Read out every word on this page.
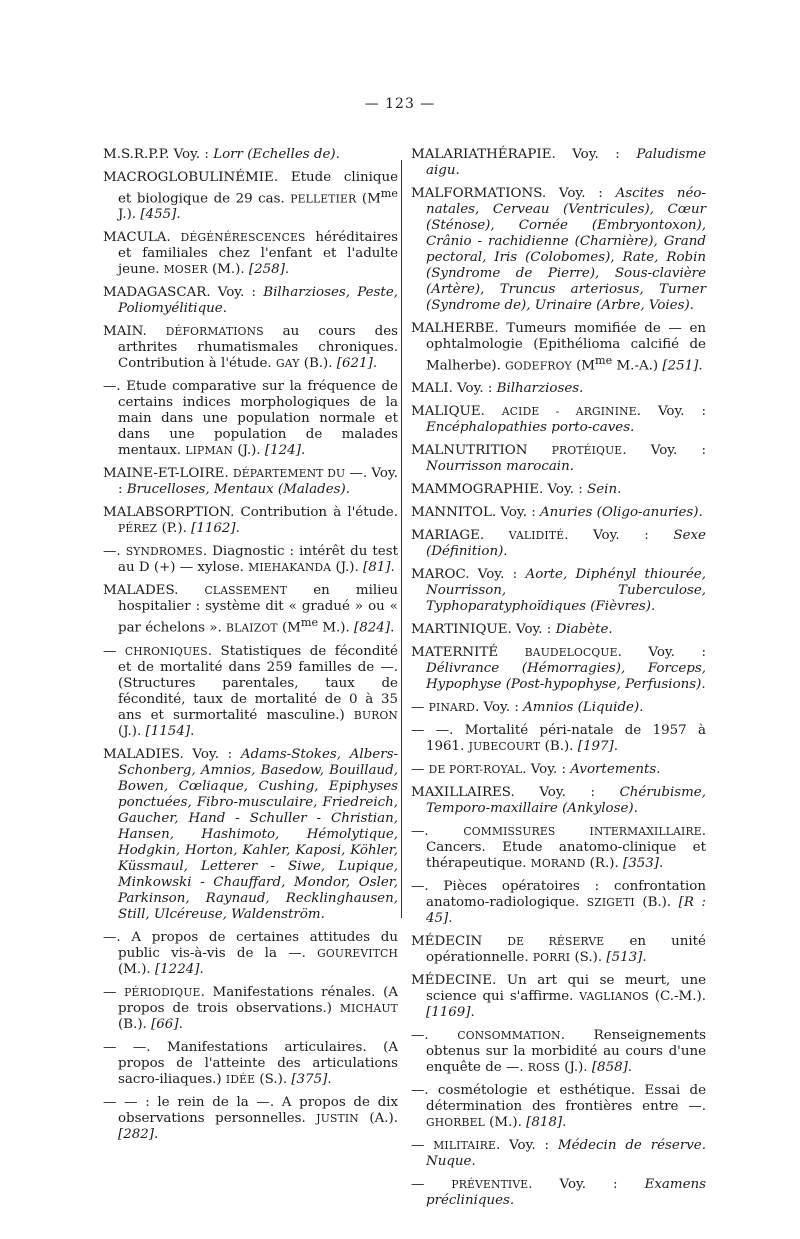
— 123 —

M.S.R.P.P. Voy. : Lorr (Echelles de).

MACROGLOBULINÉMIE. Etude clinique et biologique de 29 cas. PELLETIER ($M^{me}$ J.). [455].

MACULA. DÉGÉNÉRESCENCES héréditaires et familiales chez l'enfant et l'adulte jeune. MOSER (M.). [258].

MADAGASCAR. Voy. : Bilharzioses, Peste, Poliomyélitique.

MAIN. DÉFORMATIONS au cours des arthrites rhumatismales chroniques. Contribution à l'étude. GAY (B.). [621].

—. Etude comparative sur la fréquence de certains indices morphologiques de la main dans une population normale et dans une population de malades mentaux. LIPMAN (J.). [124].

MAINE-ET-LOIRE. DÉPARTEMENT DU —. Voy. : Brucelloses, Mentaux (Malades).

MALABSORPTION. Contribution à l'étude. PÉREZ (P.). [1162].

—. SYNDROMES. Diagnostic : intérêt du test au D (+) — xylose. MIEHAKANDA (J.). [81].

MALADES. CLASSEMENT en milieu hospitalier : système dit « gradué » ou « par échelons ». BLAIZOT ($M^{me}$ M.). [824].

— CHRONIQUES. Statistiques de fécondité et de mortalité dans 259 familles de —. (Structures parentales, taux de fécondité, taux de mortalité de 0 à 35 ans et surmortalité masculine.) BURON (J.). [1154].

MALADIES. Voy. : Adams-Stokes, Albers-Schonberg, Amnios, Basedow, Bouillaud, Bowen, Cœliaque, Cushing, Epiphyses ponctuées, Fibro-musculaire, Friedreich, Gaucher, Hand - Schuller - Christian, Hansen, Hashimoto, Hémolytique, Hodgkin, Horton, Kahler, Kaposi, Köhler, Küssmaul, Letterer - Siwe, Lupique, Minkowski - Chauffard, Mondor, Osler, Parkinson, Raynaud, Recklinghausen, Still, Ulcéreuse, Waldenström.

—. A propos de certaines attitudes du public vis-à-vis de la —. GOUREVITCH (M.). [1224].

— PÉRIODIQUE. Manifestations rénales. (A propos de trois observations.) MICHAUT (B.). [66].

— —. Manifestations articulaires. (A propos de l'atteinte des articulations sacro-iliaques.) IDÉE (S.). [375].

— — : le rein de la —. A propos de dix observations personnelles. JUSTIN (A.). [282].

MALARIATHÉRAPIE. Voy. : Paludisme aigu.

MALFORMATIONS. Voy. : Ascites néo-natales, Cerveau (Ventricules), Cœur (Sténose), Cornée (Embryontoxon), Crânio - rachidienne (Charnière), Grand pectoral, Iris (Colobomes), Rate, Robin (Syndrome de Pierre), Sous-clavière (Artère), Truncus arteriosus, Turner (Syndrome de), Urinaire (Arbre, Voies).

MALHERBE. Tumeurs momifiée de — en ophtalmologie (Epithélioma calcifié de Malherbe). GODEFROY ($M^{me}$ M.-A.) [251].

MALI. Voy. : Bilharzioses.

MALIQUE. ACIDE - ARGININE. Voy. : Encéphalopathies porto-caves.

MALNUTRITION PROTÉIQUE. Voy. : Nourrisson marocain.

MAMMOGRAPHIE. Voy. : Sein.

MANNITOL. Voy. : Anuries (Oligo-anuries).

MARIAGE. VALIDITÉ. Voy. : Sexe (Définition).

MAROC. Voy. : Aorte, Diphényl thiourée, Nourrisson, Tuberculose, Typhoparatyphoïdiques (Fièvres).

MARTINIQUE. Voy. : Diabète.

MATERNITÉ BAUDELOCQUE. Voy. : Délivrance (Hémorragies), Forceps, Hypophyse (Post-hypophyse, Perfusions).

— PINARD. Voy. : Amnios (Liquide).

— —. Mortalité péri-natale de 1957 à 1961. JUBECOURT (B.). [197].

— DE PORT-ROYAL. Voy. : Avortements.

MAXILLAIRES. Voy. : Chérubisme, Temporo-maxillaire (Ankylose).

—. COMMISSURES INTERMAXILLAIRE. Cancers. Etude anatomo-clinique et thérapeutique. MORAND (R.). [353].

—. Pièces opératoires : confrontation anatomo-radiologique. SZIGETI (B.). [R : 45].

MÉDECIN DE RÉSERVE en unité opérationnelle. PORRI (S.). [513].

MÉDECINE. Un art qui se meurt, une science qui s'affirme. VAGLIANOS (C.-M.). [1169].

—. CONSOMMATION. Renseignements obtenus sur la morbidité au cours d'une enquête de —. ROSS (J.). [858].

—. cosmétologie et esthétique. Essai de détermination des frontières entre —. GHORBEL (M.). [818].

— MILITAIRE. Voy. : Médecin de réserve. Nuque.

— PRÉVENTIVE. Voy. : Examens précliniques.
